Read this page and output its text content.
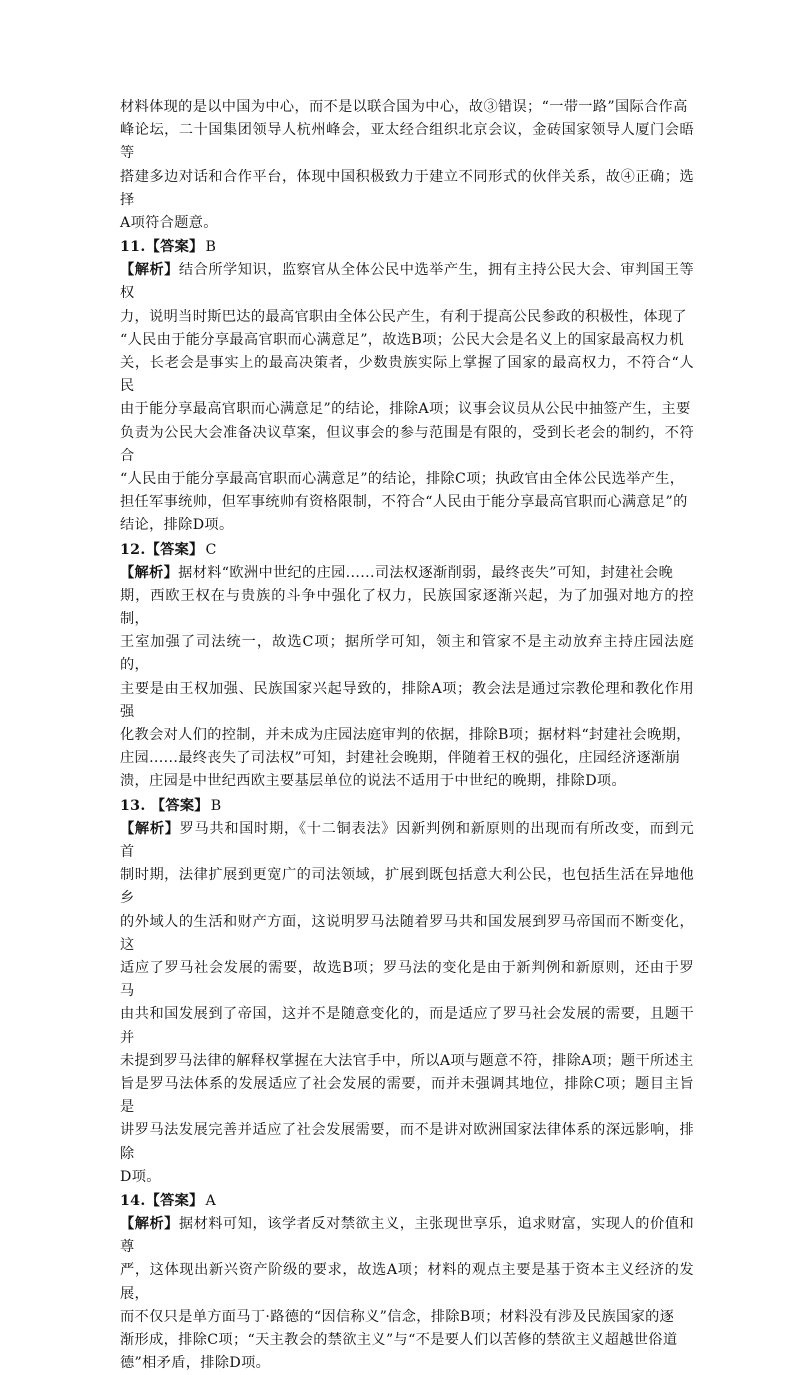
材料体现的是以中国为中心，而不是以联合国为中心，故③错误；“一带一路”国际合作高
峰论坛，二十国集团领导人杭州峰会，亚太经合组织北京会议，金砖国家领导人厦门会晤等
搭建多边对话和合作平台，体现中国积极致力于建立不同形式的伙伴关系，故④正确；选择
A项符合题意。
11.【答案】 B
【解析】结合所学知识，监察官从全体公民中选举产生，拥有主持公民大会、审判国王等权
力，说明当时斯巴达的最高官职由全体公民产生，有利于提高公民参政的积极性，体现了
“人民由于能分享最高官职而心满意足”，故选B项；公民大会是名义上的国家最高权力机
关，长老会是事实上的最高决策者，少数贵族实际上掌握了国家的最高权力，不符合“人民
由于能分享最高官职而心满意足”的结论，排除A项；议事会议员从公民中抽签产生，主要
负责为公民大会准备决议草案，但议事会的参与范围是有限的，受到长老会的制约，不符合
“人民由于能分享最高官职而心满意足”的结论，排除C项；执政官由全体公民选举产生，
担任军事统帅，但军事统帅有资格限制，不符合“人民由于能分享最高官职而心满意足”的
结论，排除D项。
12.【答案】 C
【解析】据材料“欧洲中世纪的庄园......司法权逐渐削弱，最终丧失”可知，封建社会晚
期，西欧王权在与贵族的斗争中强化了权力，民族国家逐渐兴起，为了加强对地方的控制，
王室加强了司法统一，故选C项；据所学可知，领主和管家不是主动放弃主持庄园法庭的，
主要是由王权加强、民族国家兴起导致的，排除A项；教会法是通过宗教伦理和教化作用强
化教会对人们的控制，并未成为庄园法庭审判的依据，排除B项；据材料“封建社会晚期，
庄园......最终丧失了司法权”可知，封建社会晚期，伴随着王权的强化，庄园经济逐渐崩
溃，庄园是中世纪西欧主要基层单位的说法不适用于中世纪的晚期，排除D项。
13. 【答案】 B
【解析】罗马共和国时期，《十二铜表法》因新判例和新原则的出现而有所改变，而到元首
制时期，法律扩展到更宽广的司法领域，扩展到既包括意大利公民，也包括生活在异地他乡
的外域人的生活和财产方面，这说明罗马法随着罗马共和国发展到罗马帝国而不断变化，这
适应了罗马社会发展的需要，故选B项；罗马法的变化是由于新判例和新原则，还由于罗马
由共和国发展到了帝国，这并不是随意变化的，而是适应了罗马社会发展的需要，且题干并
未提到罗马法律的解释权掌握在大法官手中，所以A项与题意不符，排除A项；题干所述主
旨是罗马法体系的发展适应了社会发展的需要，而并未强调其地位，排除C项；题目主旨是
讲罗马法发展完善并适应了社会发展需要，而不是讲对欧洲国家法律体系的深远影响，排除
D项。
14.【答案】 A
【解析】据材料可知，该学者反对禁欲主义，主张现世享乐，追求财富，实现人的价值和尊
严，这体现出新兴资产阶级的要求，故选A项；材料的观点主要是基于资本主义经济的发展，
而不仅只是单方面马丁·路德的“因信称义”信念，排除B项；材料没有涉及民族国家的逐
渐形成，排除C项；“天主教会的禁欲主义”与“不是要人们以苦修的禁欲主义超越世俗道
德”相矛盾，排除D项。
